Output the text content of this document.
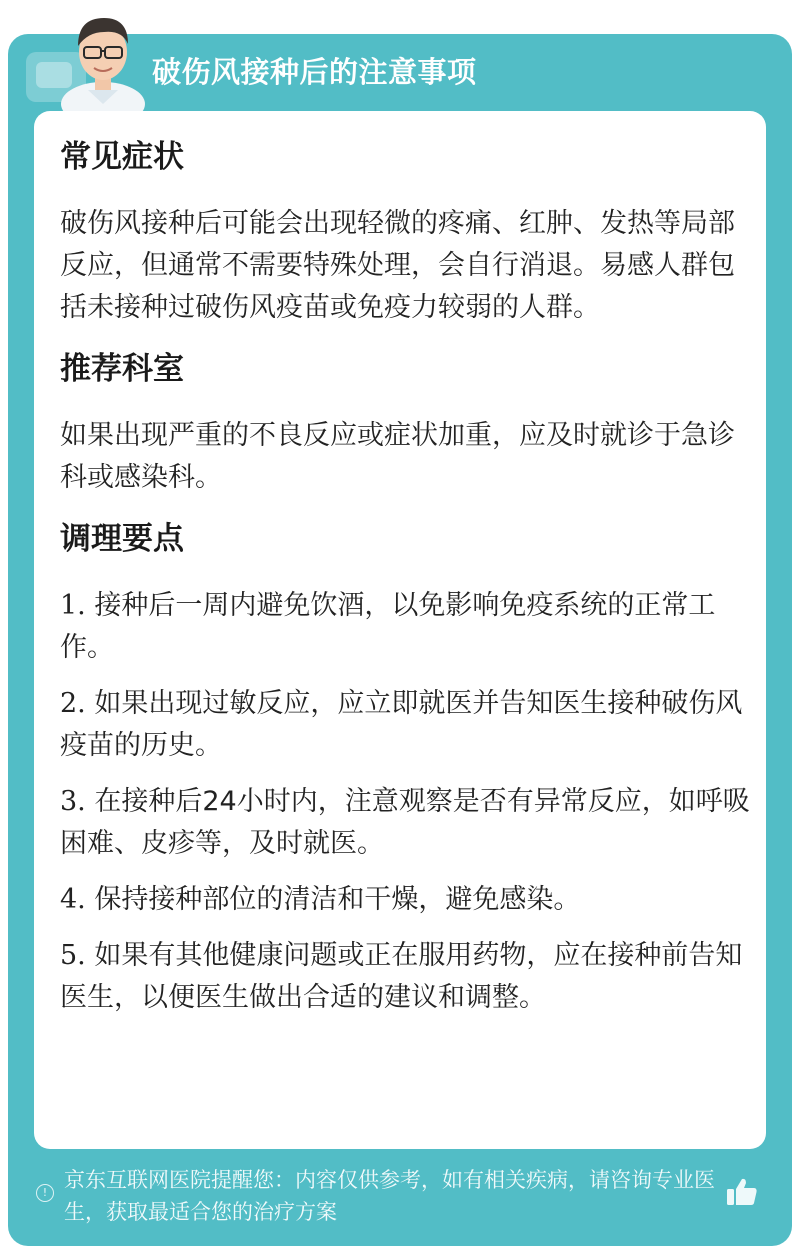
破伤风接种后的注意事项
常见症状

破伤风接种后可能会出现轻微的疼痛、红肿、发热等局部反应，但通常不需要特殊处理，会自行消退。易感人群包括未接种过破伤风疫苗或免疫力较弱的人群。

推荐科室

如果出现严重的不良反应或症状加重，应及时就诊于急诊科或感染科。

调理要点

1. 接种后一周内避免饮酒，以免影响免疫系统的正常工作。

2. 如果出现过敏反应，应立即就医并告知医生接种破伤风疫苗的历史。

3. 在接种后24小时内，注意观察是否有异常反应，如呼吸困难、皮疹等，及时就医。

4. 保持接种部位的清洁和干燥，避免感染。

5. 如果有其他健康问题或正在服用药物，应在接种前告知医生，以便医生做出合适的建议和调整。

!
京东互联网医院提醒您：内容仅供参考，如有相关疾病，请咨询专业医生，获取最适合您的治疗方案
